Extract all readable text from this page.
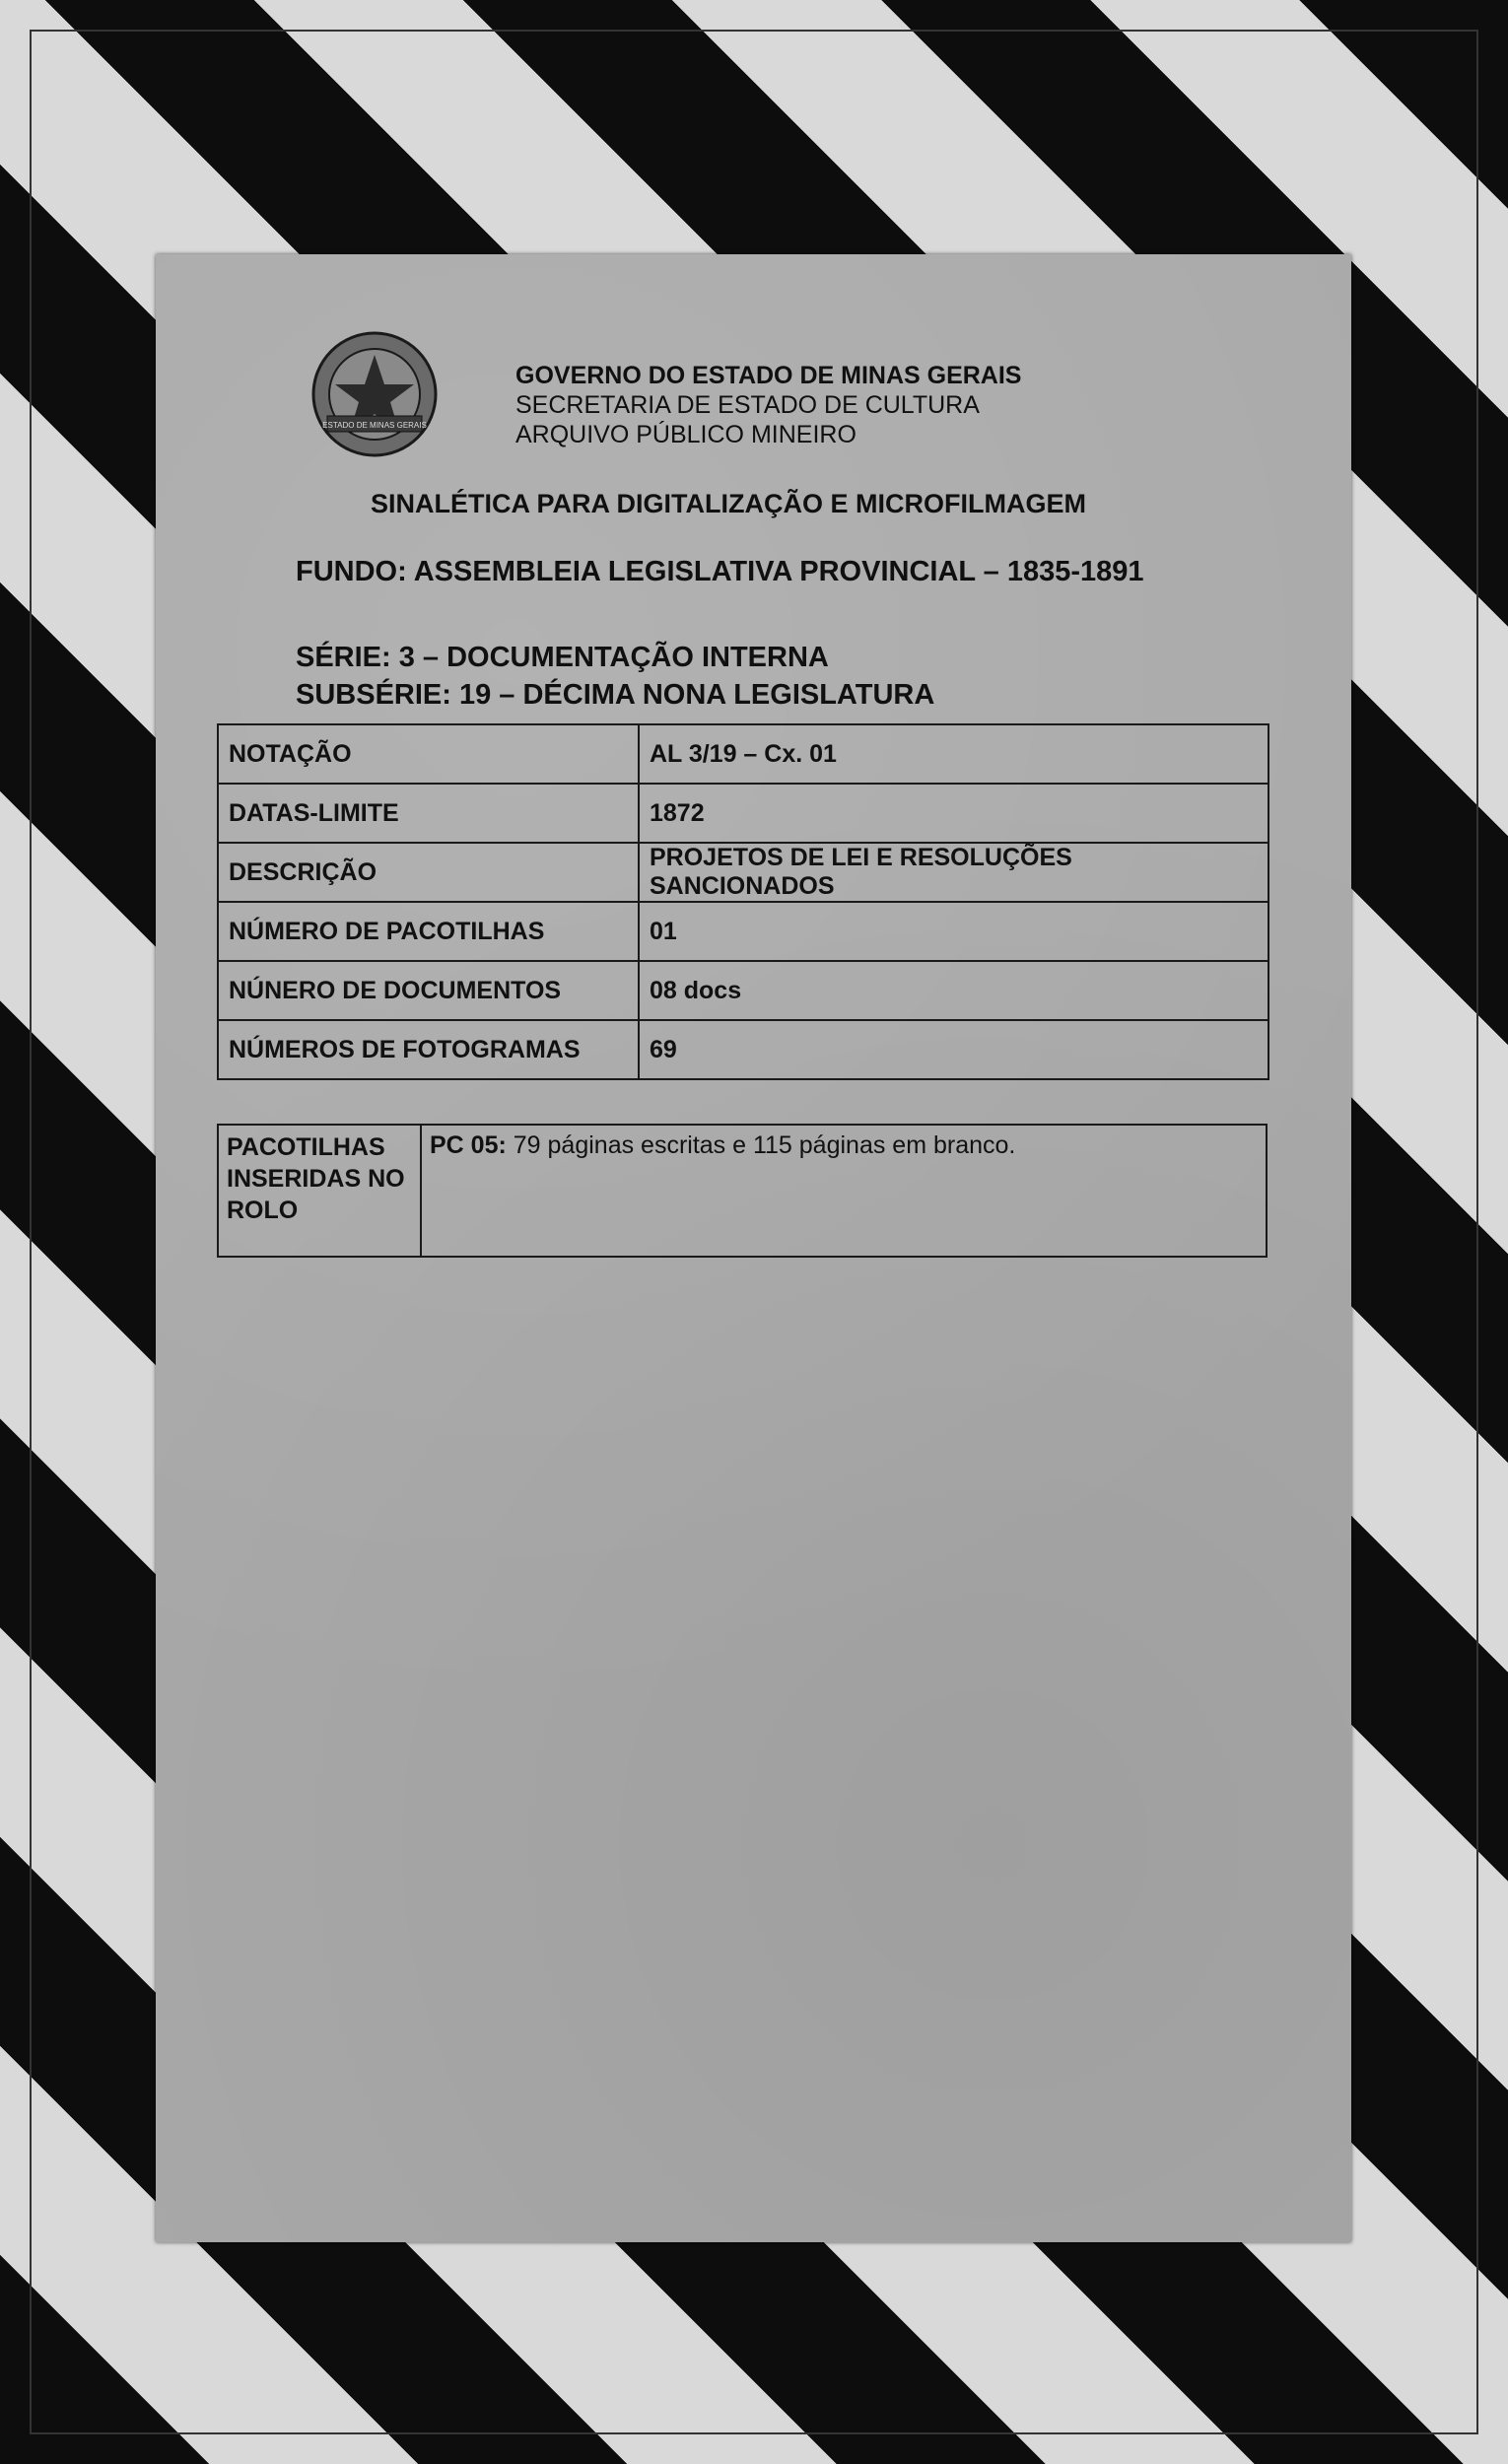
ESTADO DE MINAS GERAIS
GOVERNO DO ESTADO DE MINAS GERAIS
SECRETARIA DE ESTADO DE CULTURA
ARQUIVO PÚBLICO MINEIRO
SINALÉTICA PARA DIGITALIZAÇÃO E MICROFILMAGEM
FUNDO: ASSEMBLEIA LEGISLATIVA PROVINCIAL – 1835-1891
SÉRIE: 3 – DOCUMENTAÇÃO INTERNA
SUBSÉRIE: 19 – DÉCIMA NONA LEGISLATURA
NOTAÇÃO	AL 3/19 – Cx. 01
DATAS-LIMITE	1872
DESCRIÇÃO	PROJETOS DE LEI E RESOLUÇÕES SANCIONADOS
NÚMERO DE PACOTILHAS	01
NÚNERO DE DOCUMENTOS	08 docs
NÚMEROS DE FOTOGRAMAS	69
PACOTILHAS
INSERIDAS NO
ROLO
	PC 05: 79 páginas escritas e 115 páginas em branco.
